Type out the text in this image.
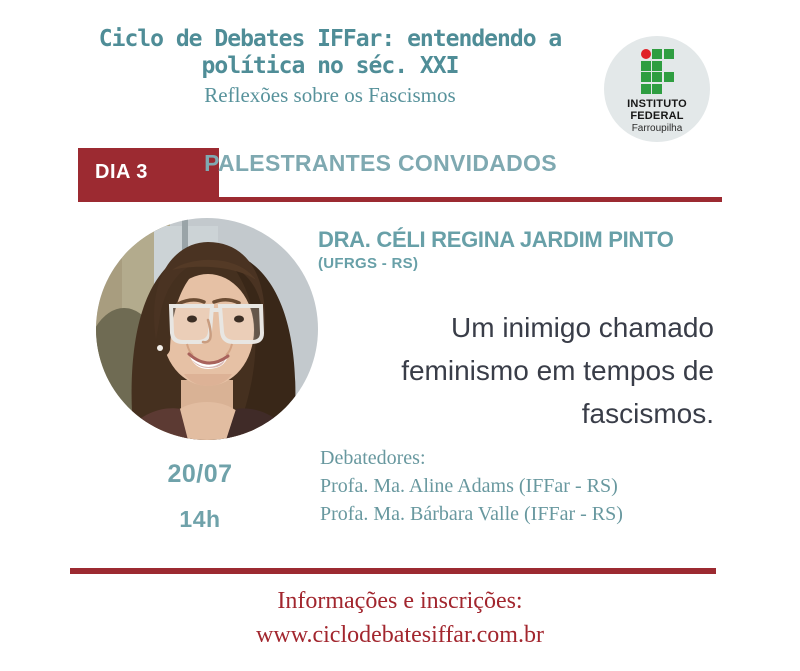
Ciclo de Debates IFFar: entendendo a
política no séc. XXI
Reflexões sobre os Fascismos	INSTITUTO
FEDERAL
Farroupilha
DIA 3	PALESTRANTES CONVIDADOS
DRA. CÉLI REGINA JARDIM PINTO
(UFRGS - RS)
Um inimigo chamado
feminismo em tempos de
fascismos.
20/07
14h
Debatedores:
Profa. Ma. Aline Adams (IFFar - RS)
Profa. Ma. Bárbara Valle (IFFar - RS)
Informações e inscrições:
www.ciclodebatesiffar.com.br
